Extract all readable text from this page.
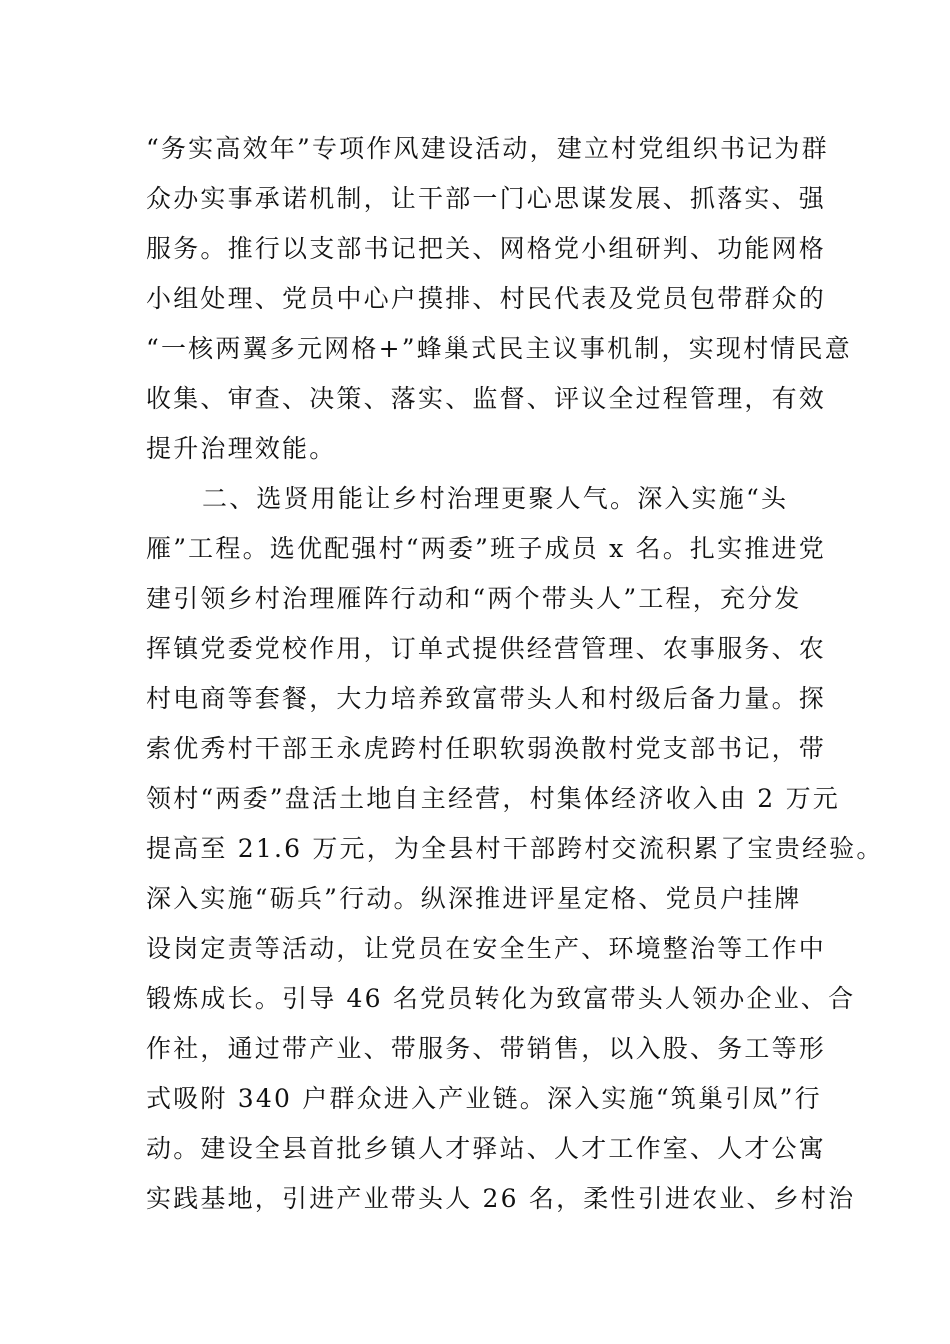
“务实高效年”专项作风建设活动，建立村党组织书记为群
众办实事承诺机制，让干部一门心思谋发展、抓落实、强
服务。推行以支部书记把关、网格党小组研判、功能网格
小组处理、党员中心户摸排、村民代表及党员包带群众的
“一核两翼多元网格+”蜂巢式民主议事机制，实现村情民意
收集、审查、决策、落实、监督、评议全过程管理，有效
提升治理效能。
二、选贤用能让乡村治理更聚人气。深入实施“头
雁”工程。选优配强村“两委”班子成员 x 名。扎实推进党
建引领乡村治理雁阵行动和“两个带头人”工程，充分发
挥镇党委党校作用，订单式提供经营管理、农事服务、农
村电商等套餐，大力培养致富带头人和村级后备力量。探
索优秀村干部王永虎跨村任职软弱涣散村党支部书记，带
领村“两委”盘活土地自主经营，村集体经济收入由 2 万元
提高至 21.6 万元，为全县村干部跨村交流积累了宝贵经验。
深入实施“砺兵”行动。纵深推进评星定格、党员户挂牌
设岗定责等活动，让党员在安全生产、环境整治等工作中
锻炼成长。引导 46 名党员转化为致富带头人领办企业、合
作社，通过带产业、带服务、带销售，以入股、务工等形
式吸附 340 户群众进入产业链。深入实施“筑巢引凤”行
动。建设全县首批乡镇人才驿站、人才工作室、人才公寓
实践基地，引进产业带头人 26 名，柔性引进农业、乡村治
